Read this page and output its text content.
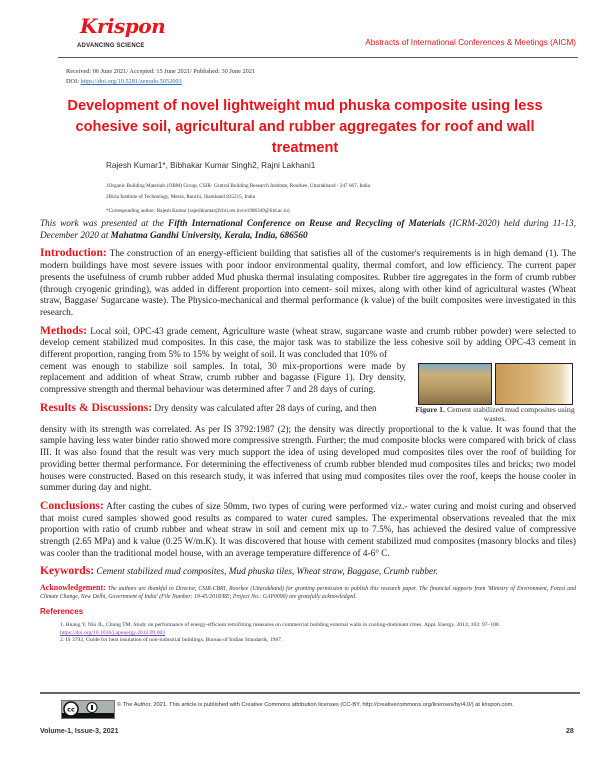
Krispon
ADVANCING SCIENCE	Abstracts of International Conferences & Meetings (AICM)
Received: 06 June 2021/ Accepted: 15 June 2021/ Published: 30 June 2021
DOI: https://doi.org/10.5281/zenodo.5052003
Development of novel lightweight mud phuska composite using less cohesive soil, agricultural and rubber aggregates for roof and wall treatment
Rajesh Kumar1*, Bibhakar Kumar Singh2, Rajni Lakhani1
1Organic Building Materials (OBM) Group, CSIR- Central Building Research Institute, Roorkee, Uttarakhand - 247 667, India
2Birla Institute of Technology, Mesra, Ranchi, Jharkhand 835215, India
*Corresponding author: Rajesh Kumar (rajeshkumar@cbri.res.in/ce1986349@iitd.ac.in)
This work was presented at the Fifth International Conference on Reuse and Recycling of Materials (ICRM-2020) held during 11-13, December 2020 at Mahatma Gandhi University, Kerala, India, 686560
Introduction: The construction of an energy-efficient building that satisfies all of the customer's requirements is in high demand (1). The modern buildings have most severe issues with poor indoor environmental quality, thermal comfort, and low efficiency. The current paper presents the usefulness of crumb rubber added Mud phuska thermal insulating composites. Rubber tire aggregates in the form of crumb rubber (through cryogenic grinding), was added in different proportion into cement- soil mixes, along with other kind of agricultural wastes (Wheat straw, Baggase/ Sugarcane waste). The Physico-mechanical and thermal performance (k value) of the built composites were investigated in this research.
Methods: Local soil, OPC-43 grade cement, Agriculture waste (wheat straw, sugarcane waste and crumb rubber powder) were selected to develop cement stabilized mud composites. In this case, the major task was to stabilize the less cohesive soil by adding OPC-43 cement in different proportion, ranging from 5% to 15% by weight of soil. It was concluded that 10% of
Figure 1. Cement stabilized mud composites using wastes.
cement was enough to stabilize soil samples. In total, 30 mix-proportions were made by replacement and addition of wheat Straw, crumb rubber and bagasse (Figure 1). Dry density, compressive strength and thermal behaviour was determined after 7 and 28 days of curing.
Results & Discussions: Dry density was calculated after 28 days of curing, and then
density with its strength was correlated. As per IS 3792:1987 (2); the density was directly proportional to the k value. It was found that the sample having less water binder ratio showed more compressive strength. Further; the mud composite blocks were compared with brick of class III. It was also found that the result was very much support the idea of using developed mud composites tiles over the roof of building for providing better thermal performance. For determining the effectiveness of crumb rubber blended mud composites tiles and bricks; two model houses were constructed. Based on this research study, it was inferred that using mud composites tiles over the roof, keeps the house cooler in summer during day and night.
Conclusions: After casting the cubes of size 50mm, two types of curing were performed viz.- water curing and moist curing and observed that moist cured samples showed good results as compared to water cured samples. The experimental observations revealed that the mix proportion with ratio of crumb rubber and wheat straw in soil and cement mix up to 7.5%, has achieved the desired value of compressive strength (2.65 MPa) and k value (0.25 W/m.K). It was discovered that house with cement stabilized mud composites (masonry blocks and tiles) was cooler than the traditional model house, with an average temperature difference of 4-6° C.
Keywords: Cement stabilized mud composites, Mud phuska tiles, Wheat straw, Baggase, Crumb rubber.
Acknowledgement: The authors are thankful to Director, CSIR-CBRI, Roorkee (Uttarakhand) for granting permission to publish this research paper. The financial supports from 'Ministry of Environment, Forest and Climate Change, New Delhi, Government of India' (File Number: 19-45/2018/RE; Project No.: GAP0090) are gratefully acknowledged.
References
1. Huang Y, Niu JL, Chung TM. Study on performance of energy-efficient retrofitting measures on commercial building external walls in cooling-dominant cities. Appl. Energy. 2013; 103: 97–108. https://doi.org/10.1016/j.apenergy.2012.09.003
2. IS 3792, Guide for heat insulation of non-industrial buildings. Bureau of Indian Standards, 1987.
cc
© The Author, 2021. This article is published with Creative Commons attribution licenses (CC-BY, http://creativecommons.org/licenses/by/4.0/) at krispon.com.
Volume-1, Issue-3, 2021	28
